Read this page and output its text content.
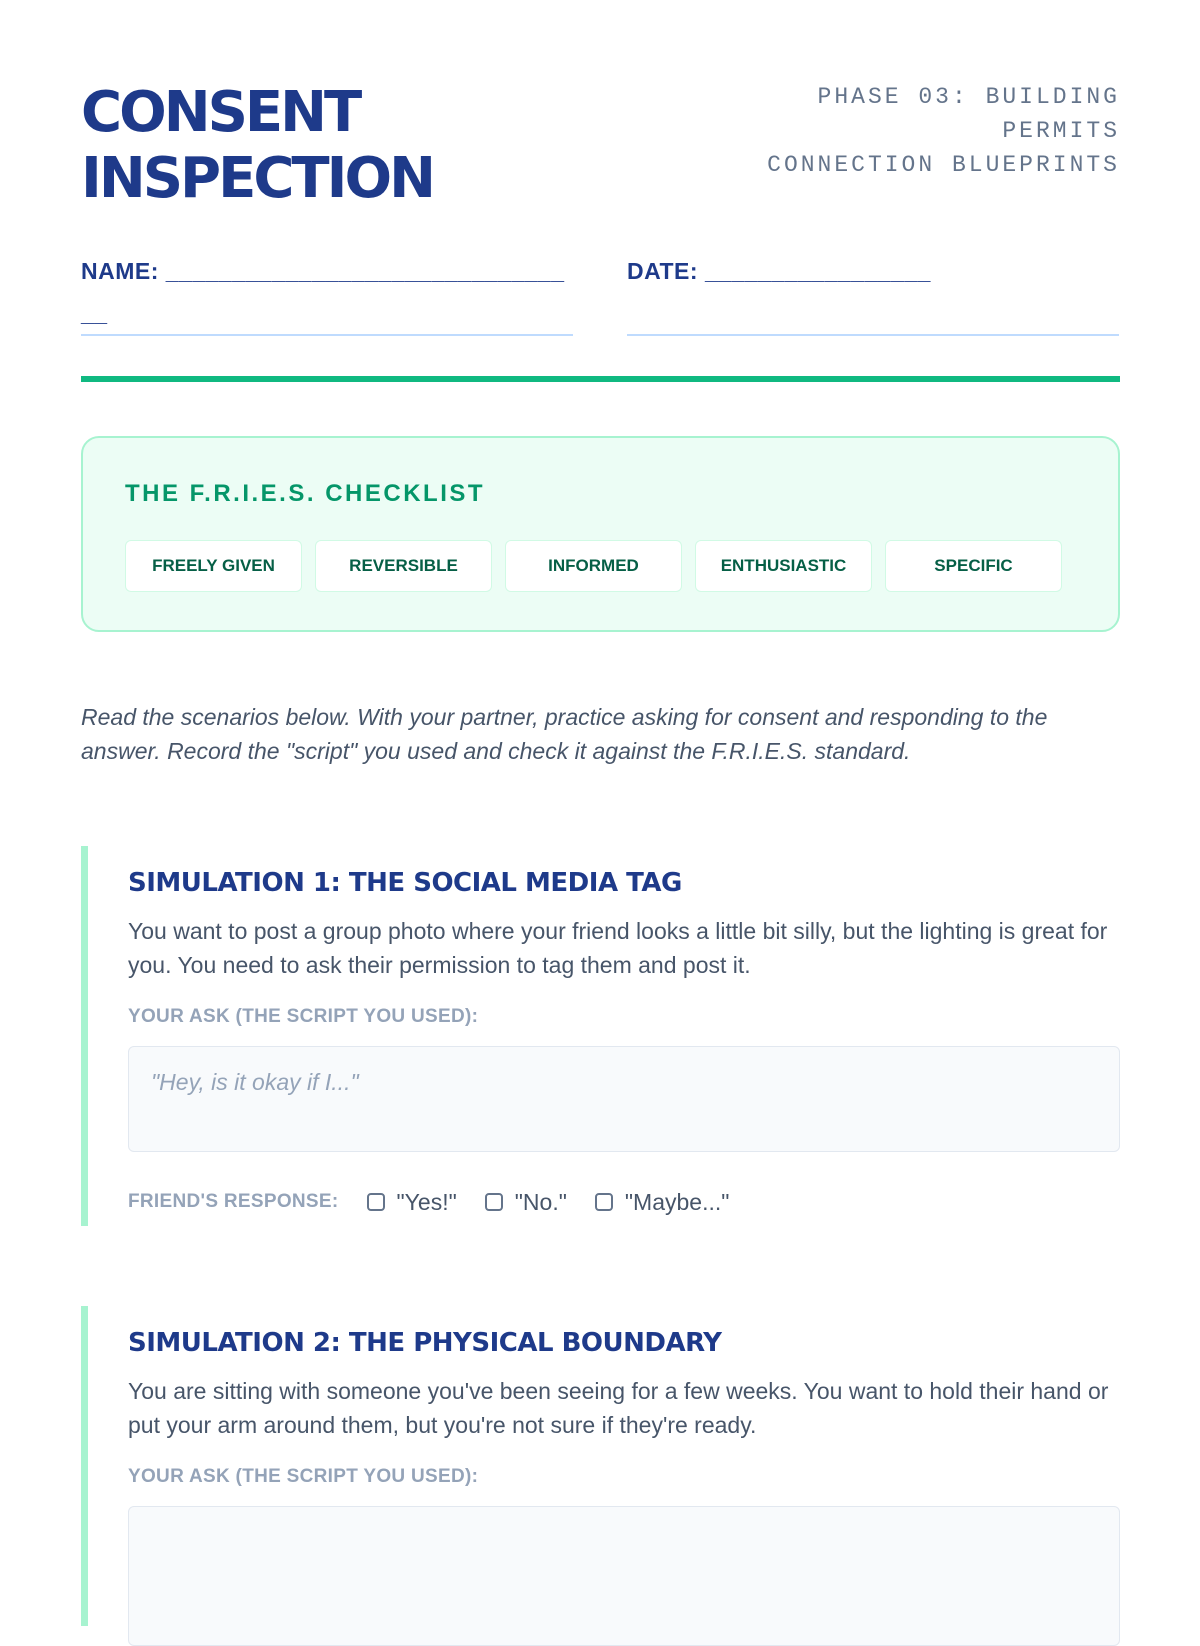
CONSENT
INSPECTION
PHASE 03: BUILDING
PERMITS
CONNECTION BLUEPRINTS
NAME: ________________________________
DATE: _________________
THE F.R.I.E.S. CHECKLIST
FREELY GIVEN	REVERSIBLE	INFORMED	ENTHUSIASTIC	SPECIFIC
Read the scenarios below. With your partner, practice asking for consent and responding to the answer. Record the "script" you used and check it against the F.R.I.E.S. standard.
SIMULATION 1: THE SOCIAL MEDIA TAG
You want to post a group photo where your friend looks a little bit silly, but the lighting is great for you. You need to ask their permission to tag them and post it.
YOUR ASK (THE SCRIPT YOU USED):
"Hey, is it okay if I..."
FRIEND'S RESPONSE:	"Yes!"	"No."	"Maybe..."
SIMULATION 2: THE PHYSICAL BOUNDARY
You are sitting with someone you've been seeing for a few weeks. You want to hold their hand or put your arm around them, but you're not sure if they're ready.
YOUR ASK (THE SCRIPT YOU USED):
